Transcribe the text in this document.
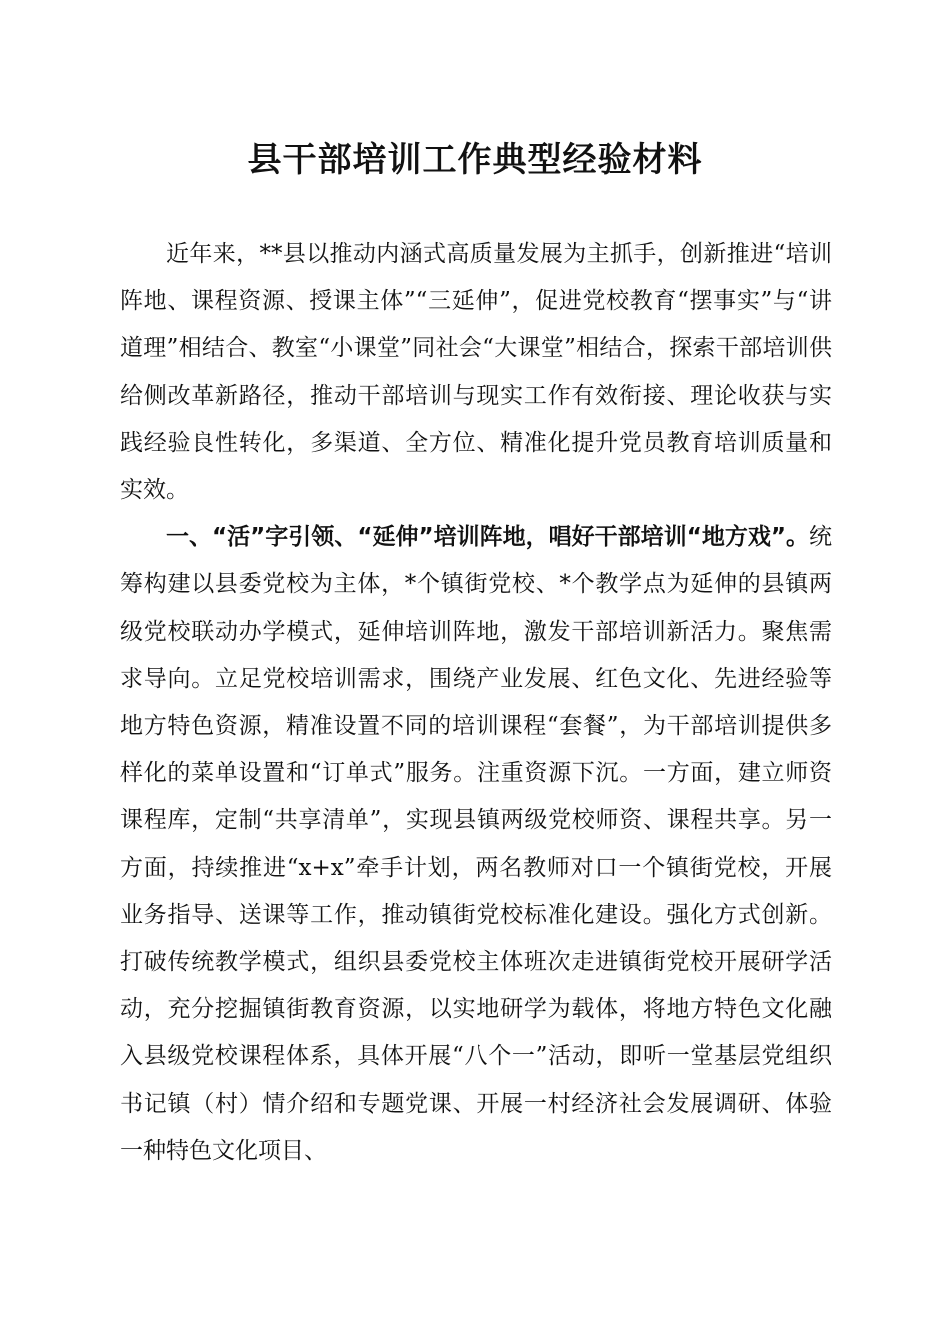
县干部培训工作典型经验材料

近年来，**县以推动内涵式高质量发展为主抓手，创新推进“培训阵地、课程资源、授课主体”“三延伸”，促进党校教育“摆事实”与“讲道理”相结合、教室“小课堂”同社会“大课堂”相结合，探索干部培训供给侧改革新路径，推动干部培训与现实工作有效衔接、理论收获与实践经验良性转化，多渠道、全方位、精准化提升党员教育培训质量和实效。

一、“活”字引领、“延伸”培训阵地，唱好干部培训“地方戏”。统筹构建以县委党校为主体，*个镇街党校、*个教学点为延伸的县镇两级党校联动办学模式，延伸培训阵地，激发干部培训新活力。聚焦需求导向。立足党校培训需求，围绕产业发展、红色文化、先进经验等地方特色资源，精准设置不同的培训课程“套餐”，为干部培训提供多样化的菜单设置和“订单式”服务。注重资源下沉。一方面，建立师资课程库，定制“共享清单”，实现县镇两级党校师资、课程共享。另一方面，持续推进“x+x”牵手计划，两名教师对口一个镇街党校，开展业务指导、送课等工作，推动镇街党校标准化建设。强化方式创新。打破传统教学模式，组织县委党校主体班次走进镇街党校开展研学活动，充分挖掘镇街教育资源，以实地研学为载体，将地方特色文化融入县级党校课程体系，具体开展“八个一”活动，即听一堂基层党组织书记镇（村）情介绍和专题党课、开展一村经济社会发展调研、体验一种特色文化项目、
